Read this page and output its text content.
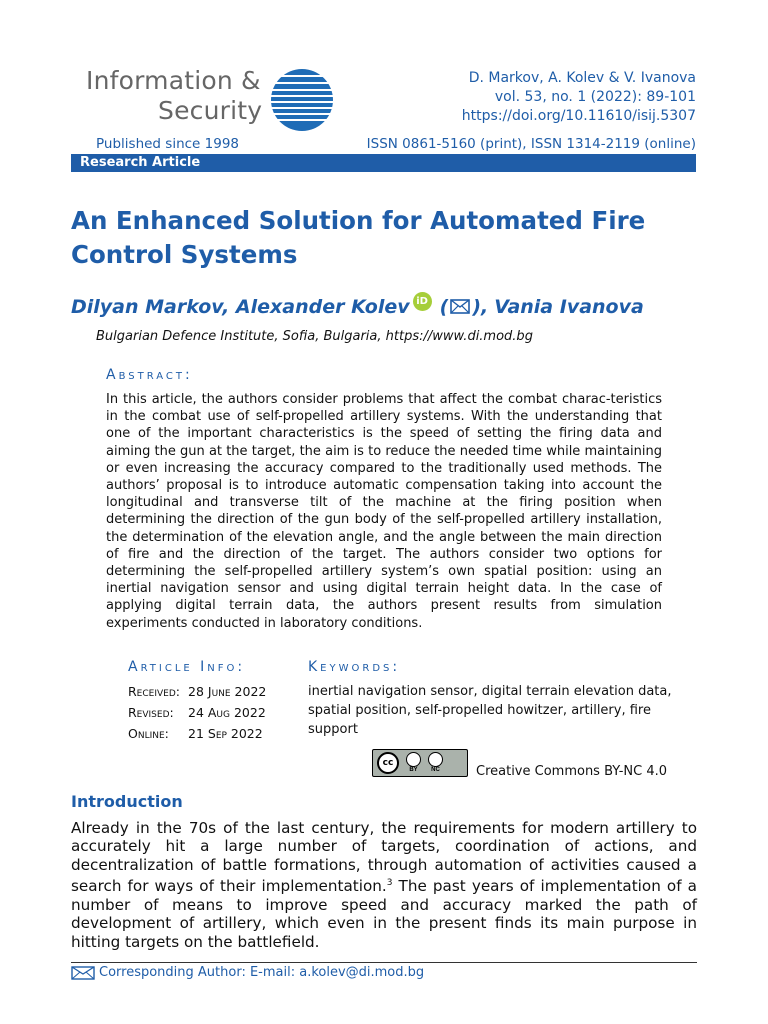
Information &
Security
D. Markov, A. Kolev & V. Ivanova
vol. 53, no. 1 (2022): 89-101
https://doi.org/10.11610/isij.5307
Published since 1998	ISSN 0861-5160 (print), ISSN 1314-2119 (online)
Research Article
An Enhanced Solution for Automated Fire Control Systems
Dilyan Markov, Alexander Kolev iD ( ), Vania Ivanova
Bulgarian Defence Institute, Sofia, Bulgaria, https://www.di.mod.bg
Abstract:
In this article, the authors consider problems that affect the combat charac-teristics in the combat use of self-propelled artillery systems. With the understanding that one of the important characteristics is the speed of setting the firing data and aiming the gun at the target, the aim is to reduce the needed time while maintaining or even increasing the accuracy compared to the traditionally used methods. The authors’ proposal is to introduce automatic compensation taking into account the longitudinal and transverse tilt of the machine at the firing position when determining the direction of the gun body of the self-propelled artillery installation, the determination of the elevation angle, and the angle between the main direction of fire and the direction of the target. The authors consider two options for determining the self-propelled artillery system’s own spatial position: using an inertial navigation sensor and using digital terrain height data. In the case of applying digital terrain data, the authors present results from simulation experiments conducted in laboratory conditions.
Article Info:	Keywords:
Received: 28 June 2022
Revised:	24 Aug 2022
Online:	21 Sep 2022
inertial navigation sensor, digital terrain elevation data, spatial position, self-propelled howitzer, artillery, fire support
cc
BY NC	Creative Commons BY-NC 4.0
Introduction
Already in the 70s of the last century, the requirements for modern artillery to accurately hit a large number of targets, coordination of actions, and decentralization of battle formations, through automation of activities caused a search for ways of their implementation.$^3$ The past years of implementation of a number of means to improve speed and accuracy marked the path of development of artillery, which even in the present finds its main purpose in hitting targets on the battlefield.
Corresponding Author: E-mail: a.kolev@di.mod.bg
